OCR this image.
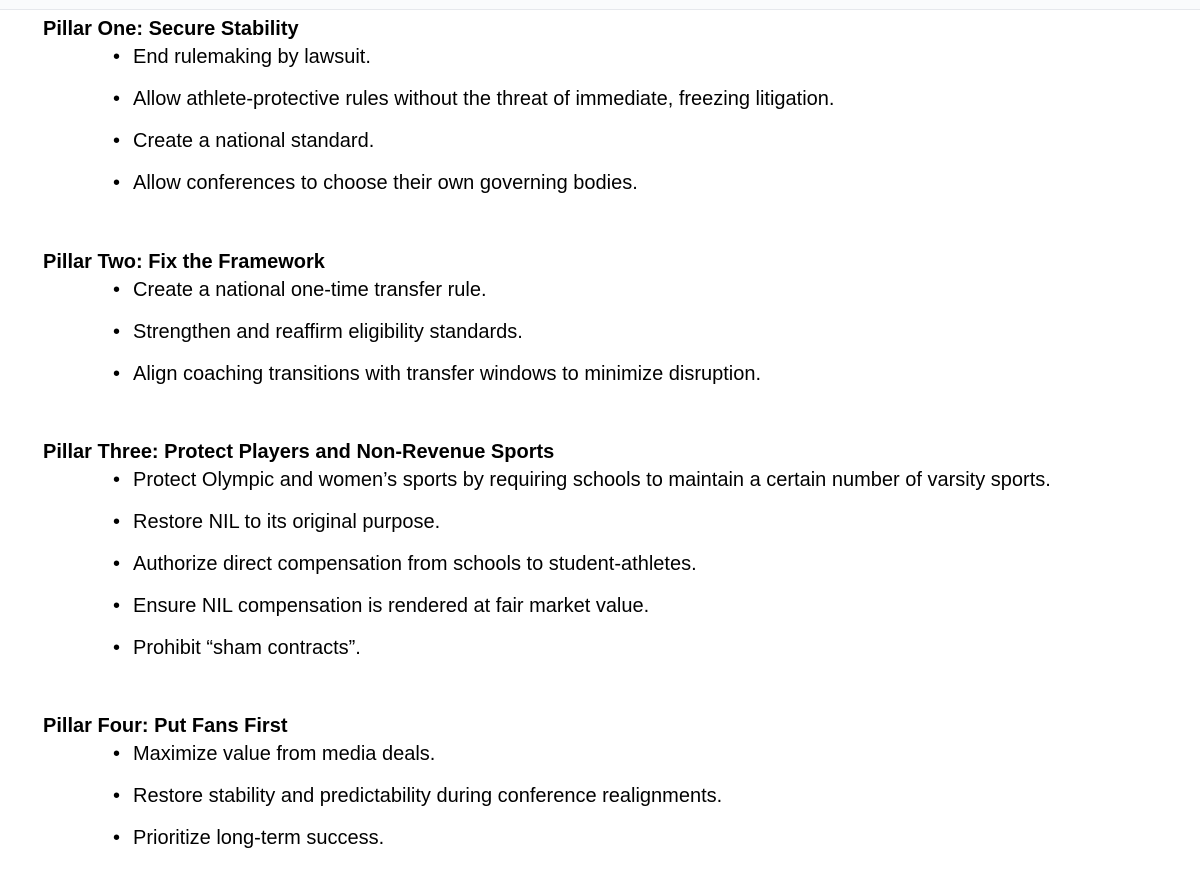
Pillar One: Secure Stability
• End rulemaking by lawsuit.
• Allow athlete-protective rules without the threat of immediate, freezing litigation.
• Create a national standard.
• Allow conferences to choose their own governing bodies.
Pillar Two: Fix the Framework
• Create a national one-time transfer rule.
• Strengthen and reaffirm eligibility standards.
• Align coaching transitions with transfer windows to minimize disruption.
Pillar Three: Protect Players and Non-Revenue Sports
• Protect Olympic and women’s sports by requiring schools to maintain a certain number of varsity sports.
• Restore NIL to its original purpose.
• Authorize direct compensation from schools to student-athletes.
• Ensure NIL compensation is rendered at fair market value.
• Prohibit “sham contracts”.
Pillar Four: Put Fans First
• Maximize value from media deals.
• Restore stability and predictability during conference realignments.
• Prioritize long-term success.
